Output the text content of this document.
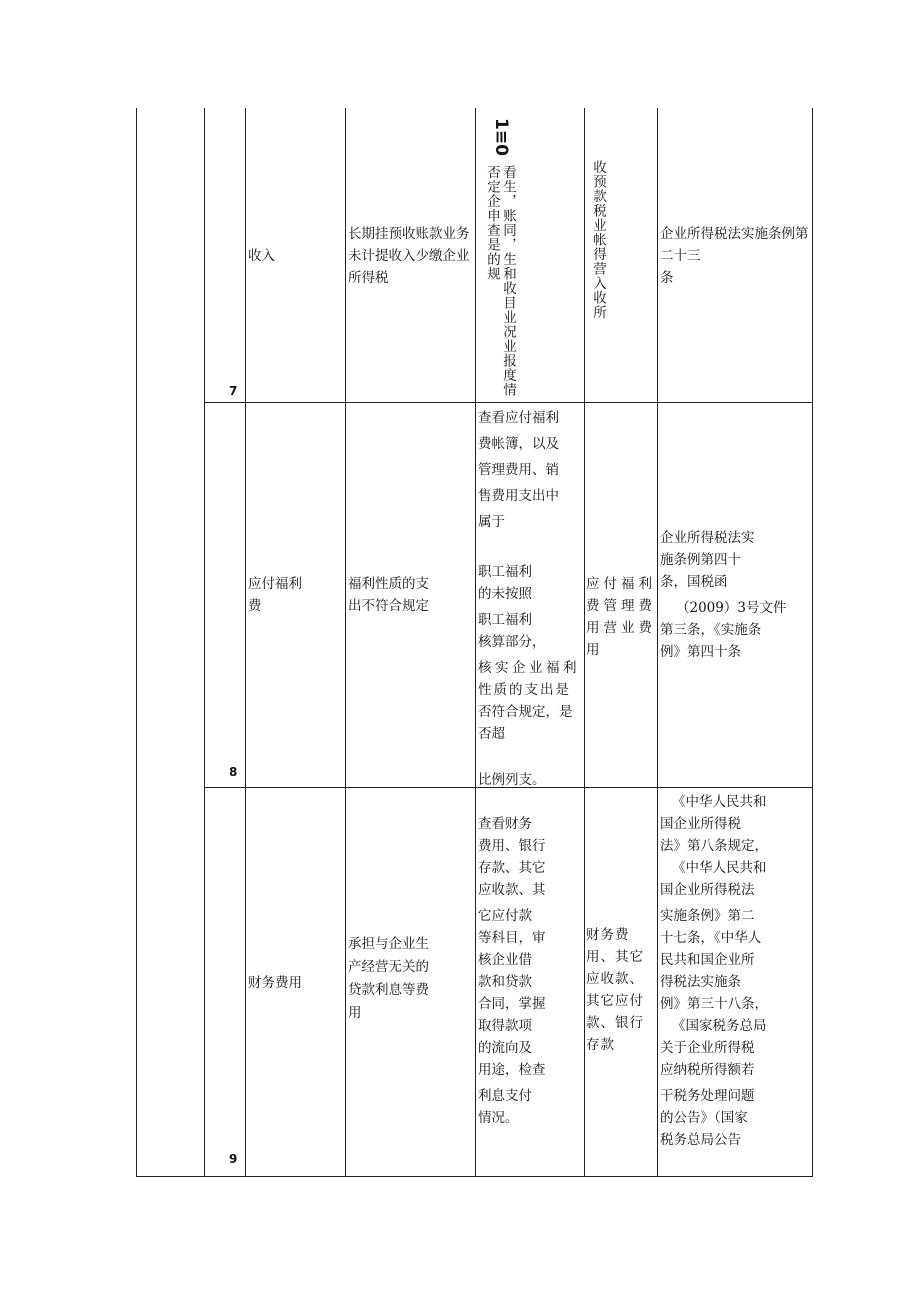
7
收入
长期挂预收账款业务未计提收入少缴企业所得税
1≡0
看生，账同，生和收目业况业报度情否定企申查是的规	收预款税业帐得营入收所	企业所得税法实施条例第二十三
条
8
应付福利
费
福利性质的支
出不符合规定
查看应付福利
费帐簿，以及
管理费用、销
售费用支出中
属于
职工福利
的未按照
职工福利
核算部分，
核实企业福利
性质的支出是
否符合规定，是
否超
比例列支。
应付福利费管理费用营业费用
企业所得税法实
施条例第四十
条，国税函
（2009）3号文件
第三条，《实施条
例》第四十条
9
财务费用
承担与企业生
产经营无关的
贷款利息等费
用
查看财务
费用、银行
存款、其它
应收款、其
它应付款
等科目，审
核企业借
款和贷款
合同，掌握
取得款项
的流向及
用途，检查
利息支付
情况。
财务费用、其它应收款、其它应付款、银行存款
《中华人民共和
国企业所得税
法》第八条规定，
《中华人民共和
国企业所得税法
实施条例》第二
十七条，《中华人
民共和国企业所
得税法实施条
例》第三十八条，
《国家税务总局
关于企业所得税
应纳税所得额若
干税务处理问题
的公告》（国家
税务总局公告
